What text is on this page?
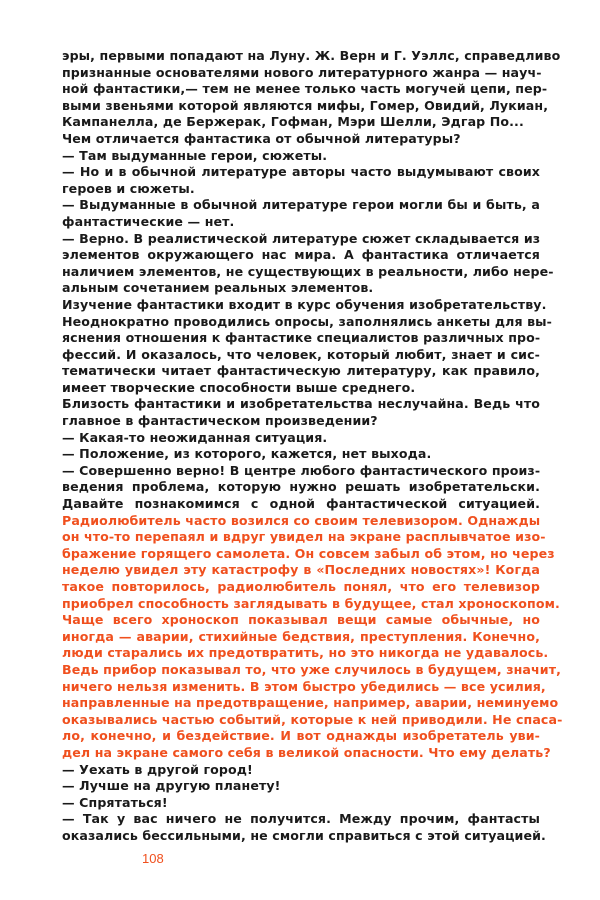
эры, первыми попадают на Луну. Ж. Верн и Г. Уэллс, справедливо
признанные основателями нового литературного жанра — науч-
ной фантастики,— тем не менее только часть могучей цепи, пер-
выми звеньями которой являются мифы, Гомер, Овидий, Лукиан,
Кампанелла, де Бержерак, Гофман, Мэри Шелли, Эдгар По...
Чем отличается фантастика от обычной литературы?
— Там выдуманные герои, сюжеты.
— Но и в обычной литературе авторы часто выдумывают своих
героев и сюжеты.
— Выдуманные в обычной литературе герои могли бы и быть, а
фантастические — нет.
— Верно. В реалистической литературе сюжет складывается из
элементов окружающего нас мира. А фантастика отличается
наличием элементов, не существующих в реальности, либо нере-
альным сочетанием реальных элементов.
Изучение фантастики входит в курс обучения изобретательству.
Неоднократно проводились опросы, заполнялись анкеты для вы-
яснения отношения к фантастике специалистов различных про-
фессий. И оказалось, что человек, который любит, знает и сис-
тематически читает фантастическую литературу, как правило,
имеет творческие способности выше среднего.
Близость фантастики и изобретательства неслучайна. Ведь что
главное в фантастическом произведении?
— Какая-то неожиданная ситуация.
— Положение, из которого, кажется, нет выхода.
— Совершенно верно! В центре любого фантастического произ-
ведения проблема, которую нужно решать изобретательски.
Давайте познакомимся с одной фантастической ситуацией.
Радиолюбитель часто возился со своим телевизором. Однажды
он что-то перепаял и вдруг увидел на экране расплывчатое изо-
бражение горящего самолета. Он совсем забыл об этом, но через
неделю увидел эту катастрофу в «Последних новостях»! Когда
такое повторилось, радиолюбитель понял, что его телевизор
приобрел способность заглядывать в будущее, стал хроноскопом.
Чаще всего хроноскоп показывал вещи самые обычные, но
иногда — аварии, стихийные бедствия, преступления. Конечно,
люди старались их предотвратить, но это никогда не удавалось.
Ведь прибор показывал то, что уже случилось в будущем, значит,
ничего нельзя изменить. В этом быстро убедились — все усилия,
направленные на предотвращение, например, аварии, неминуемо
оказывались частью событий, которые к ней приводили. Не спаса-
ло, конечно, и бездействие. И вот однажды изобретатель уви-
дел на экране самого себя в великой опасности. Что ему делать?
— Уехать в другой город!
— Лучше на другую планету!
— Спрятаться!
— Так у вас ничего не получится. Между прочим, фантасты
оказались бессильными, не смогли справиться с этой ситуацией.
108
